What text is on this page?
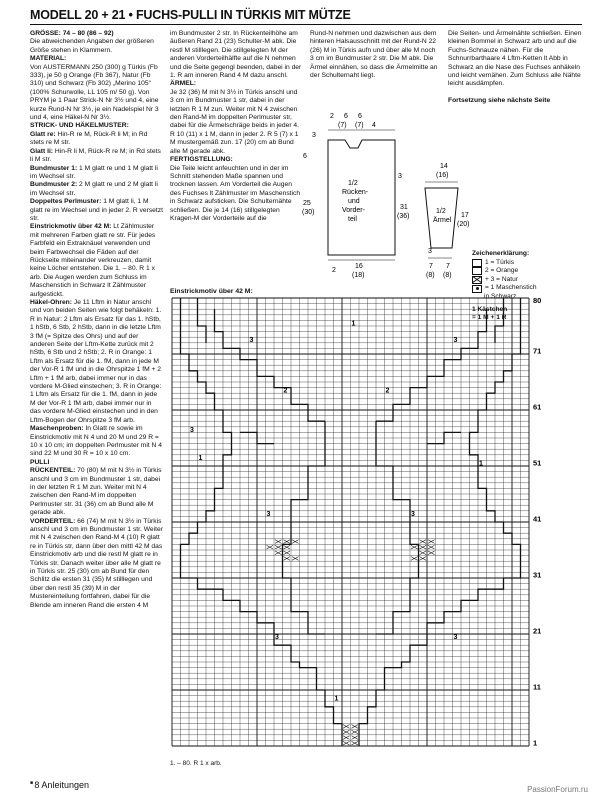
MODELL 20 + 21 • FUCHS-PULLI IN TÜRKIS MIT MÜTZE

GRÖSSE: 74 – 80 (86 – 92)
Die abweichenden Angaben der größeren Größe stehen in Klammern.

MATERIAL:
Von AUSTERMANN 250 (300) g Türkis (Fb 333), je 50 g Orange (Fb 367), Natur (Fb 310) und Schwarz (Fb 302) „Merino 105“ (100% Schurwolle, LL 105 m/ 50 g). Von PRYM je 1 Paar Strick-N Nr 3½ und 4, eine kurze Rund-N Nr 3½, je ein Nadelspiel Nr 3 und 4, eine Häkel-N Nr 3½.

STRICK- UND HÄKELMUSTER:

Glatt re: Hin-R re M, Rück-R li M; in Rd stets re M str.

Glatt li: Hin-R li M, Rück-R re M; in Rd stets li M str.

Bundmuster 1: 1 M glatt re und 1 M glatt li im Wechsel str.

Bundmuster 2: 2 M glatt re und 2 M glatt li im Wechsel str.

Doppeltes Perlmuster: 1 M glatt li, 1 M glatt re im Wechsel und in jeder 2. R versetzt str.

Einstrickmotiv über 42 M: Lt Zählmuster mit mehreren Farben glatt re str. Für jedes Farbfeld ein Extraknäuel verwenden und beim Farbwechsel die Fäden auf der Rückseite miteinander verkreuzen, damit keine Löcher entstehen. Die 1. – 80. R 1 x arb. Die Augen werden zum Schluss im Maschenstich in Schwarz lt Zählmuster aufgestickt.

Häkel-Ohren: Je 11 Lftm in Natur anschl und von beiden Seiten wie folgt behäkeln: 1. R in Natur: 2 Lftm als Ersatz für das 1. hStb, 1 hStb, 6 Stb, 2 hStb, dann in die letzte Lftm 3 fM (= Spitze des Ohrs) und auf der anderen Seite der Lftm-Kette zurück mit 2 hStb, 6 Stb und 2 hStb; 2. R in Orange: 1 Lftm als Ersatz für die 1. fM, dann in jede M der Vor-R 1 fM und in die Ohrspitze 1 fM + 2 Lftm + 1 fM arb, dabei immer nur in das vordere M-Glied einstechen; 3. R in Orange: 1 Lftm als Ersatz für die 1. fM, dann in jede M der Vor-R 1 fM arb, dabei immer nur in das vordere M-Glied einstechen und in den Lftm-Bogen der Ohrspitze 3 fM arb.

Maschenproben: In Glatt re sowie im Einstrickmotiv mit N 4 und 20 M und 29 R = 10 x 10 cm; im doppelten Perlmuster mit N 4 sind 22 M und 30 R = 10 x 10 cm.

PULLI

RÜCKENTEIL: 70 (80) M mit N 3½ in Türkis anschl und 3 cm im Bundmuster 1 str, dabei in der letzten R 1 M zun. Weiter mit N 4 zwischen den Rand-M im doppelten Perlmuster str. 31 (36) cm ab Bund alle M gerade abk.

VORDERTEIL: 66 (74) M mit N 3½ in Türkis anschl und 3 cm im Bundmuster 1 str. Weiter mit N 4 zwischen den Rand-M 4 (10) R glatt re in Türkis str, dann über den mittl 42 M das Einstrickmotiv arb und die restl M glatt re in Türkis str. Danach weiter über alle M glatt re in Türkis str. 25 (30) cm ab Bund für den Schlitz die ersten 31 (35) M stilllegen und über den restl 35 (39) M in der Mustereinteilung fortfahren, dabei für die Blende am inneren Rand die ersten 4 M

im Bundmuster 2 str. In Rückenteilhöhe am äußeren Rand 21 (23) Schulter-M abk. Die restl M stilllegen. Die stillgelegten M der anderen Vorderteilhälfte auf die N nehmen und die Seite gegengl beenden, dabei in der 1. R am inneren Rand 4 M dazu anschl.

ÄRMEL:
Je 32 (36) M mit N 3½ in Türkis anschl und 3 cm im Bundmuster 1 str, dabei in der letzten R 1 M zun. Weiter mit N 4 zwischen den Rand-M im doppelten Perlmuster str, dabei für die Ärmelschräge beids in jeder 4. R 10 (11) x 1 M, dann in jeder 2. R 5 (7) x 1 M mustergemäß zun. 17 (20) cm ab Bund alle M gerade abk.

FERTIGSTELLUNG:
Die Teile leicht anfeuchten und in der im Schnitt stehenden Maße spannen und trocknen lassen. Am Vorderteil die Augen des Fuchses lt Zählmuster im Maschenstich in Schwarz aufsticken. Die Schulternähte schließen. Die je 14 (16) stillgelegten Kragen-M der Vorderteile auf die

Rund-N nehmen und dazwischen aus dem hinteren Halsausschnitt mit der Rund-N 22 (26) M in Türkis aufn und über alle M noch 3 cm im Bundmuster 2 str. Die M abk. Die Ärmel einnähen, so dass die Ärmelmitte an der Schulternaht liegt.

Die Seiten- und Ärmelnähte schließen. Einen kleinen Bommel in Schwarz arb und auf die Fuchs-Schnauze nähen. Für die Schnurrbarthaare 4 Lftm-Ketten lt Abb in Schwarz an die Nase des Fuchses anhäkeln und leicht vernähen. Zum Schluss alle Nähte leicht ausdämpfen.

Fortsetzung siehe nächste Seite

2 6
(7)
6
(7) 4
6
3
25
(30)
3
31
(36)
1/2
Rücken-
und
Vorder-
teil
2
16
(18)
14
(16)
1/2
Ärmel
17
(20)
3
7
(8)
7
(8)
Zeichenerklärung:
1 = Türkis
2 = Orange
+ 3 = Natur
= 1 Maschenstich
in Schwarz
1 Kästchen
= 1 M + 1 R
Einstrickmotiv über 42 M:
1
1
1
1
2	2
3	3
3
3	3
3	3
80
71
61
51
41
31
21
11
1
1. – 80. R 1 x arb.
■ 8 Anleitungen	PassionForum.ru
